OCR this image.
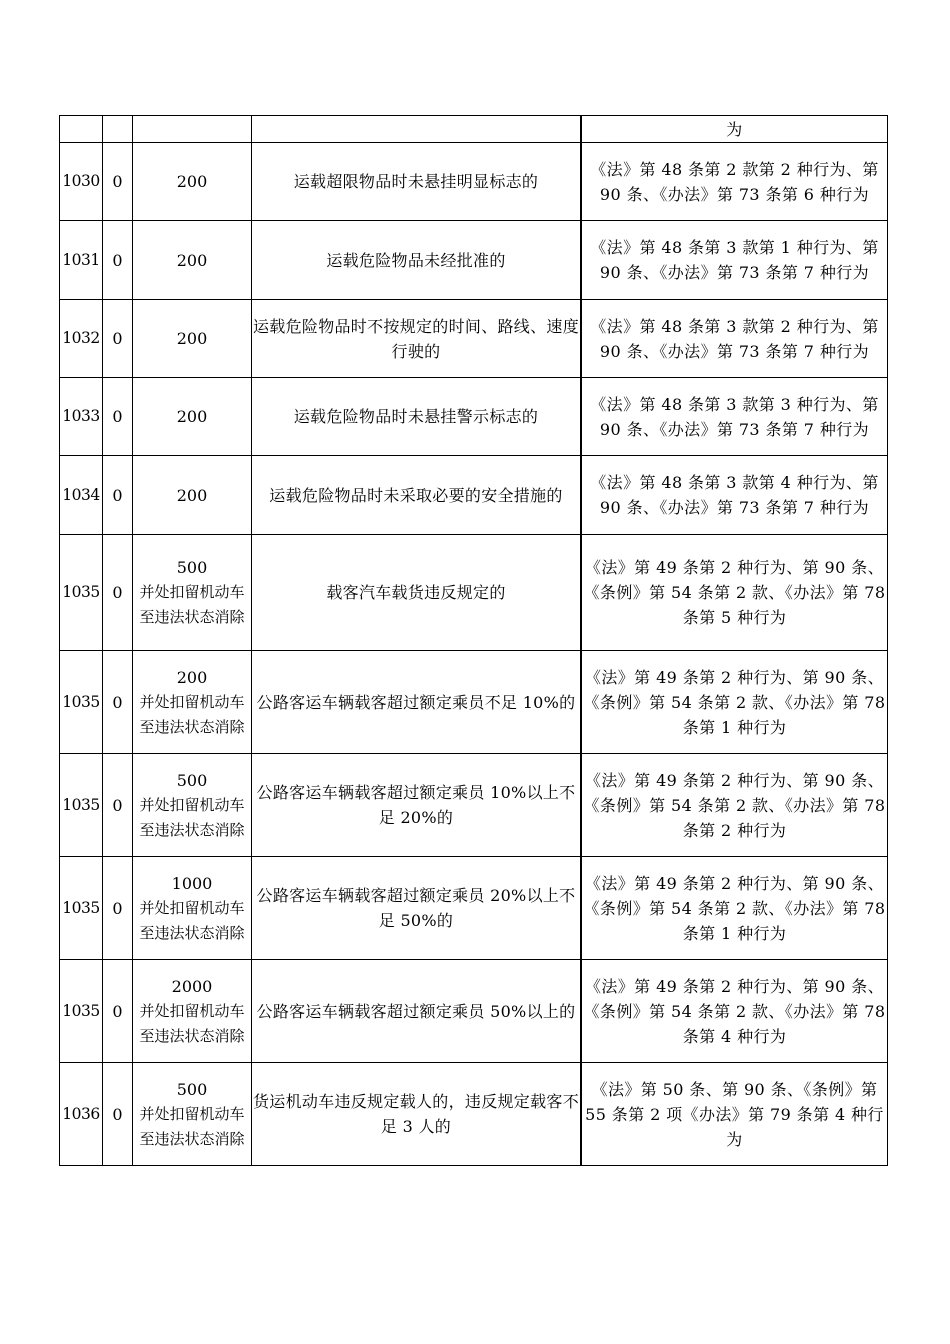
				为

1030	0	200	运载超限物品时未悬挂明显标志的	《法》第 48 条第 2 款第 2 种行为、第 90 条、《办法》第 73 条第 6 种行为

1031	0	200	运载危险物品未经批准的	《法》第 48 条第 3 款第 1 种行为、第 90 条、《办法》第 73 条第 7 种行为

1032	0	200	运载危险物品时不按规定的时间、路线、速度行驶的	《法》第 48 条第 3 款第 2 种行为、第 90 条、《办法》第 73 条第 7 种行为

1033	0	200	运载危险物品时未悬挂警示标志的	《法》第 48 条第 3 款第 3 种行为、第 90 条、《办法》第 73 条第 7 种行为

1034	0	200	运载危险物品时未采取必要的安全措施的	《法》第 48 条第 3 款第 4 种行为、第 90 条、《办法》第 73 条第 7 种行为

1035	0	500
并处扣留机动车至违法状态消除	载客汽车载货违反规定的	《法》第 49 条第 2 种行为、第 90 条、《条例》第 54 条第 2 款、《办法》第 78 条第 5 种行为

1035	0	200
并处扣留机动车至违法状态消除	公路客运车辆载客超过额定乘员不足 10%的	《法》第 49 条第 2 种行为、第 90 条、《条例》第 54 条第 2 款、《办法》第 78 条第 1 种行为

1035	0	500
并处扣留机动车至违法状态消除	公路客运车辆载客超过额定乘员 10%以上不足 20%的	《法》第 49 条第 2 种行为、第 90 条、《条例》第 54 条第 2 款、《办法》第 78 条第 2 种行为

1035	0	1000
并处扣留机动车至违法状态消除	公路客运车辆载客超过额定乘员 20%以上不足 50%的	《法》第 49 条第 2 种行为、第 90 条、《条例》第 54 条第 2 款、《办法》第 78 条第 1 种行为

1035	0	2000
并处扣留机动车至违法状态消除	公路客运车辆载客超过额定乘员 50%以上的	《法》第 49 条第 2 种行为、第 90 条、《条例》第 54 条第 2 款、《办法》第 78 条第 4 种行为

1036	0	500
并处扣留机动车至违法状态消除	货运机动车违反规定载人的，违反规定载客不足 3 人的	《法》第 50 条、第 90 条、《条例》第 55 条第 2 项《办法》第 79 条第 4 种行为
